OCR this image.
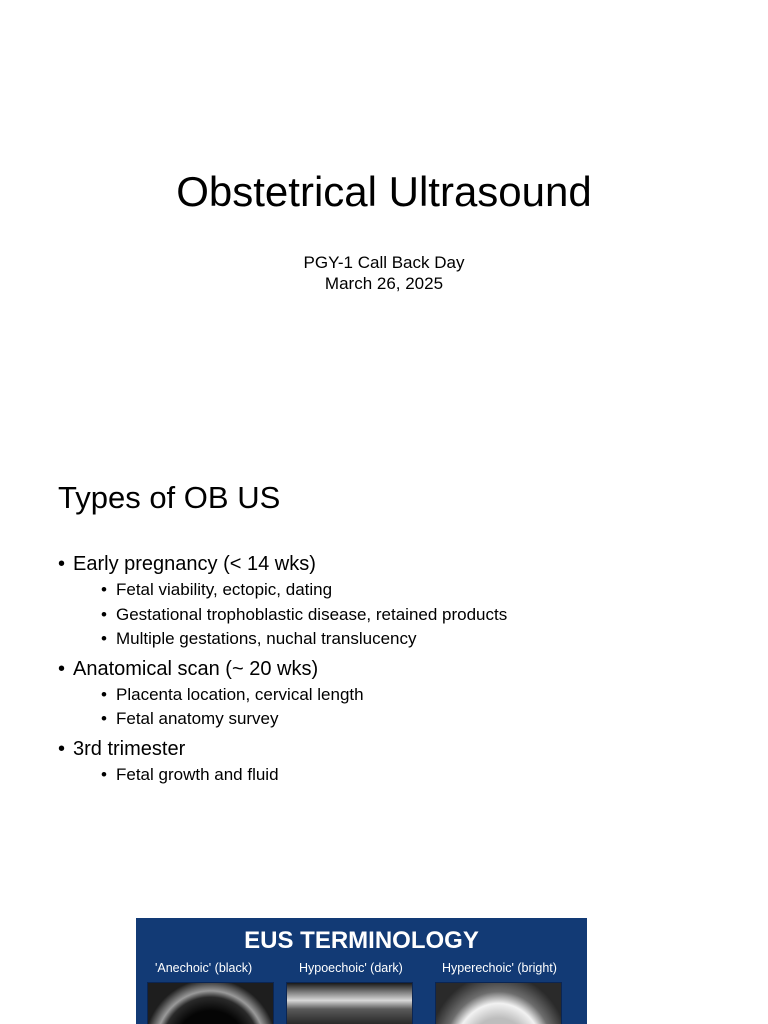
Obstetrical Ultrasound
PGY-1 Call Back Day
March 26, 2025
Types of OB US
• Early pregnancy (< 14 wks)
• Fetal viability, ectopic, dating
• Gestational trophoblastic disease, retained products
• Multiple gestations, nuchal translucency
• Anatomical scan (~ 20 wks)
• Placenta location, cervical length
• Fetal anatomy survey
• 3rd trimester
• Fetal growth and fluid
EUS TERMINOLOGY
'Anechoic' (black)	Hypoechoic' (dark)	Hyperechoic' (bright)
